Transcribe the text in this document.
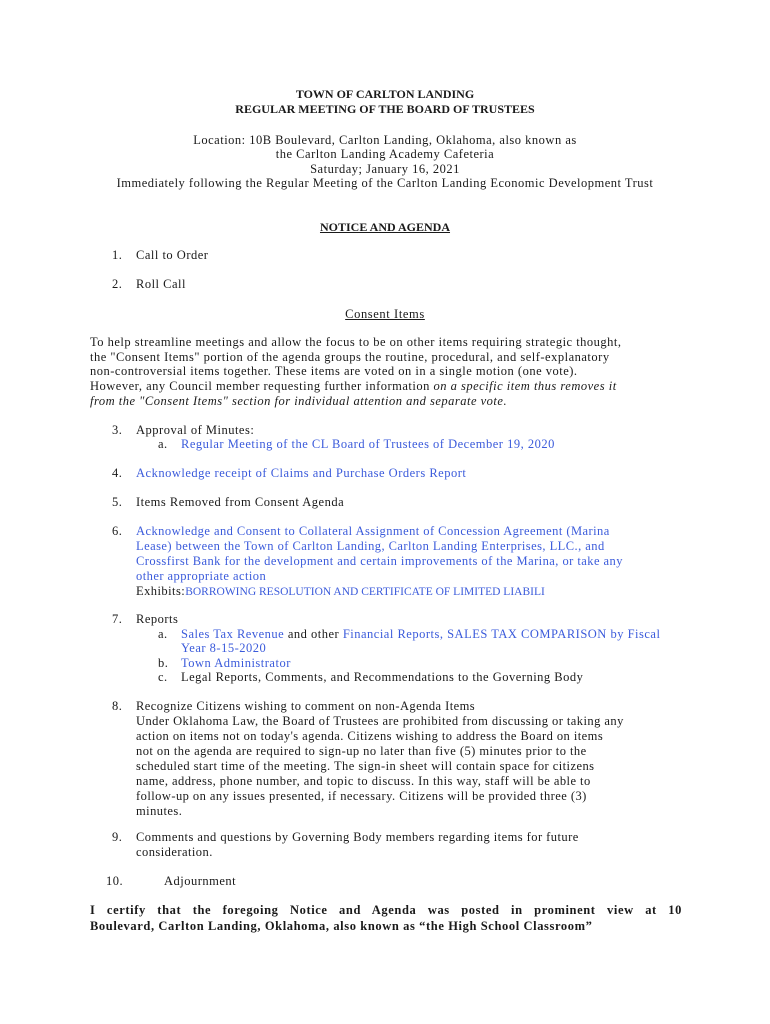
TOWN OF CARLTON LANDING
REGULAR MEETING OF THE BOARD OF TRUSTEES
Location: 10B Boulevard, Carlton Landing, Oklahoma, also known as
the Carlton Landing Academy Cafeteria
Saturday; January 16, 2021
Immediately following the Regular Meeting of the Carlton Landing Economic Development Trust
NOTICE AND AGENDA
1. Call to Order
2. Roll Call
Consent Items
To help streamline meetings and allow the focus to be on other items requiring strategic thought,
the "Consent Items" portion of the agenda groups the routine, procedural, and self-explanatory
non-controversial items together. These items are voted on in a single motion (one vote).
However, any Council member requesting further information on a specific item thus removes it
from the "Consent Items" section for individual attention and separate vote.
3. Approval of Minutes:
a. Regular Meeting of the CL Board of Trustees of December 19, 2020
4. Acknowledge receipt of Claims and Purchase Orders Report
5. Items Removed from Consent Agenda
6. Acknowledge and Consent to Collateral Assignment of Concession Agreement (Marina
Lease) between the Town of Carlton Landing, Carlton Landing Enterprises, LLC., and
Crossfirst Bank for the development and certain improvements of the Marina, or take any
other appropriate action
Exhibits:BORROWING RESOLUTION AND CERTIFICATE OF LIMITED LIABILI
7. Reports
a. Sales Tax Revenue and other Financial Reports, SALES TAX COMPARISON by Fiscal
Year 8-15-2020
b. Town Administrator
c. Legal Reports, Comments, and Recommendations to the Governing Body
8. Recognize Citizens wishing to comment on non-Agenda Items
Under Oklahoma Law, the Board of Trustees are prohibited from discussing or taking any
action on items not on today's agenda. Citizens wishing to address the Board on items
not on the agenda are required to sign-up no later than five (5) minutes prior to the
scheduled start time of the meeting. The sign-in sheet will contain space for citizens
name, address, phone number, and topic to discuss. In this way, staff will be able to
follow-up on any issues presented, if necessary. Citizens will be provided three (3)
minutes.
9. Comments and questions by Governing Body members regarding items for future
consideration.
10.	Adjournment
I certify that the foregoing Notice and Agenda was posted in prominent view at 10
Boulevard, Carlton Landing, Oklahoma, also known as “the High School Classroom”
